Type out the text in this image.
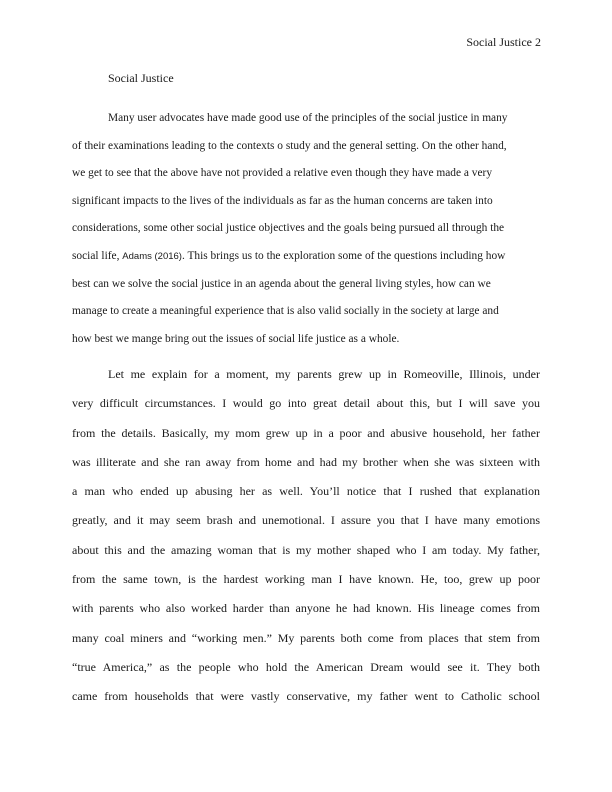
Social Justice 2
Social Justice
Many user advocates have made good use of the principles of the social justice in many
of their examinations leading to the contexts o study and the general setting. On the other hand,
we get to see that the above have not provided a relative even though they have made a very
significant impacts to the lives of the individuals as far as the human concerns are taken into
considerations, some other social justice objectives and the goals being pursued all through the
social life, Adams (2016). This brings us to the exploration some of the questions including how
best can we solve the social justice in an agenda about the general living styles, how can we
manage to create a meaningful experience that is also valid socially in the society at large and
how best we mange bring out the issues of social life justice as a whole.
Let me explain for a moment, my parents grew up in Romeoville, Illinois, under
very difficult circumstances. I would go into great detail about this, but I will save you
from the details. Basically, my mom grew up in a poor and abusive household, her father
was illiterate and she ran away from home and had my brother when she was sixteen with
a man who ended up abusing her as well. You’ll notice that I rushed that explanation
greatly, and it may seem brash and unemotional. I assure you that I have many emotions
about this and the amazing woman that is my mother shaped who I am today. My father,
from the same town, is the hardest working man I have known. He, too, grew up poor
with parents who also worked harder than anyone he had known. His lineage comes from
many coal miners and “working men.” My parents both come from places that stem from
“true America,” as the people who hold the American Dream would see it. They both
came from households that were vastly conservative, my father went to Catholic school
